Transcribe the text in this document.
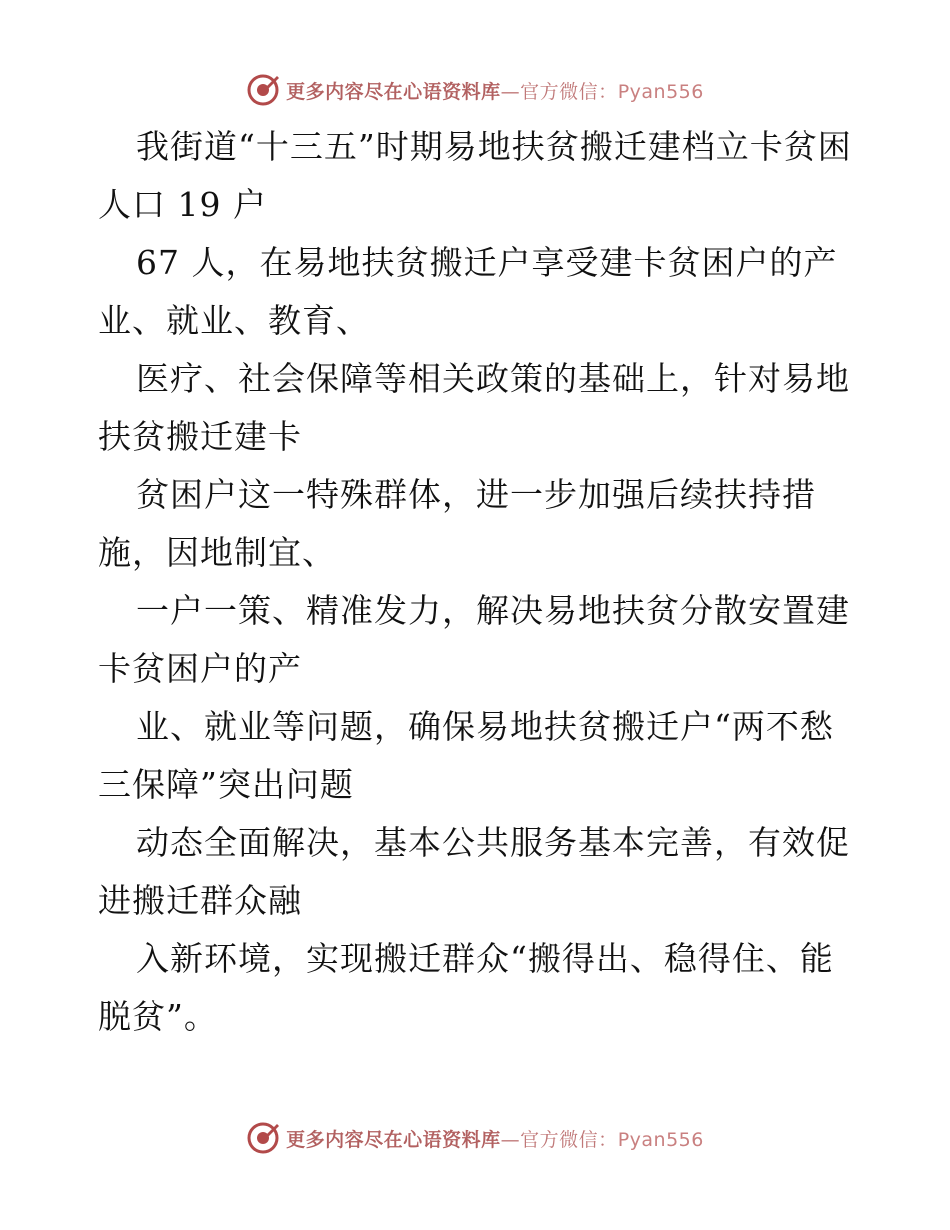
更多内容尽在心语资料库—官方微信：Pyan556

我街道“十三五”时期易地扶贫搬迁建档立卡贫困人口 19 户

67 人，在易地扶贫搬迁户享受建卡贫困户的产业、就业、教育、

医疗、社会保障等相关政策的基础上，针对易地扶贫搬迁建卡

贫困户这一特殊群体，进一步加强后续扶持措施，因地制宜、

一户一策、精准发力，解决易地扶贫分散安置建卡贫困户的产

业、就业等问题，确保易地扶贫搬迁户“两不愁三保障”突出问题

动态全面解决，基本公共服务基本完善，有效促进搬迁群众融

入新环境，实现搬迁群众“搬得出、稳得住、能脱贫”。

更多内容尽在心语资料库—官方微信：Pyan556
